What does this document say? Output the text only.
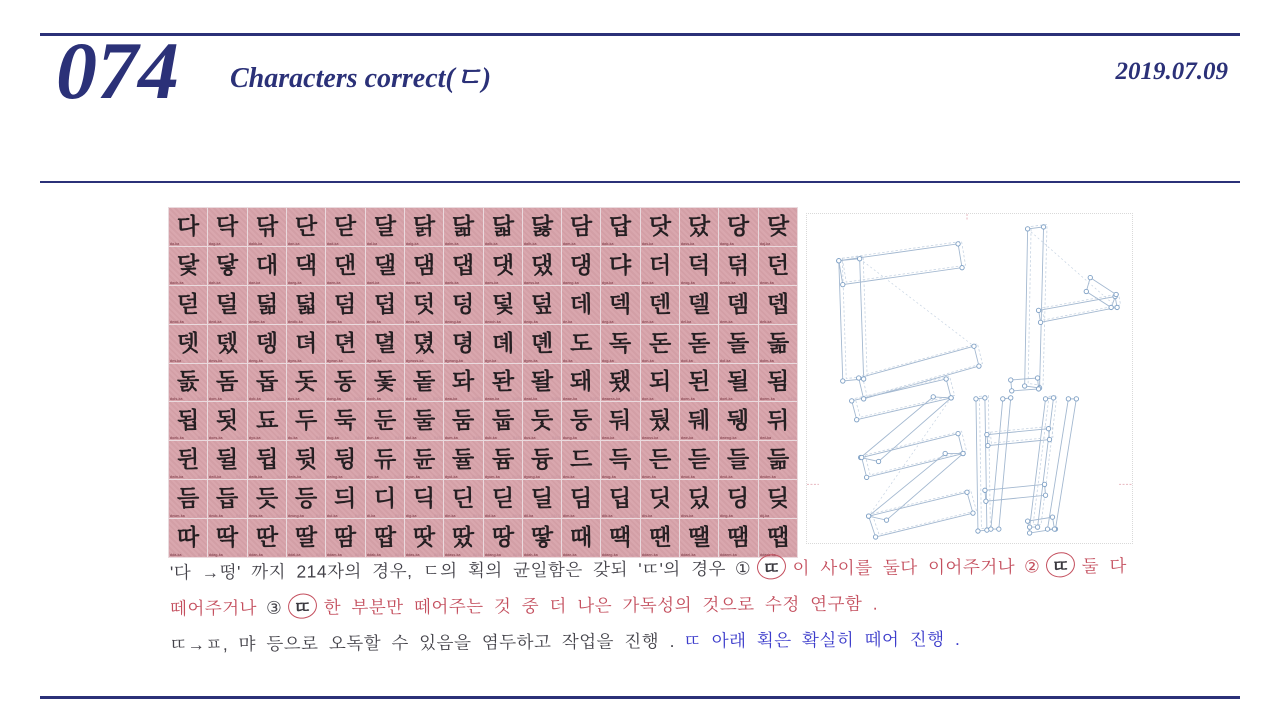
074 Characters correct(ㄷ)	2019.07.09
다
da-ka B2E4
닥
dag-ka B2E5
닦
dakk-ka B2E6
단
dan-ka B2E8
닫
dad-ka B2EB
달
dal-ka B2EC
닭
dalg-ka B2ED
닮
dalm-ka B2EE
닯
dalb-ka B2EF
닳
dalh-ka B2F3
담
dam-ka B2F4
답
dab-ka B2F5
닷
das-ka B2F7
닸
dass-ka B2F8
당
dang-ka B2F9
닺
daj-ka B2FA
닻
dach-ka B2FB
닿
dah-ka B2FF
대
dae-ka B300
댁
daeg-ka B301
댄
daen-ka B304
댈
dael-ka B308
댐
daem-ka B310
댑
daeb-ka B311
댓
daes-ka B313
댔
daess-ka B314
댕
daeng-ka B315
댜
dya-ka B31C
더
deo-ka B354
덕
deog-ka B355
덖
deokk-ka B356
던
deon-ka B358
덛
deod-ka B35B
덜
deol-ka B35C
덞
deolm-ka B35E
덟
deolb-ka B35F
덤
deom-ka B364
덥
deob-ka B365
덧
deos-ka B367
덩
deong-ka B369
덫
deoch-ka B36B
덮
deop-ka B36E
데
de-ka B370
덱
deg-ka B371
덴
den-ka B374
델
del-ka B378
뎀
dem-ka B380
뎁
deb-ka B381
뎃
des-ka B383
뎄
dess-ka B384
뎅
deng-ka B385
뎌
dyeo-ka B38C
뎐
dyeon-ka B390
뎔
dyeol-ka B394
뎠
dyeoss-ka B3A0
뎡
dyeong-ka B3A1
뎨
dye-ka B3A8
뎬
dyen-ka B3AC
도
do-ka B3C4
독
dog-ka B3C5
돈
don-ka B3C8
돋
dod-ka B3CB
돌
dol-ka B3CC
돎
dolm-ka B3CE
돐
dols-ka B3D0
돔
dom-ka B3D4
돕
dob-ka B3D5
돗
dos-ka B3D7
동
dong-ka B3D9
돛
doch-ka B3DB
돝
dot-ka B3DD
돠
dwa-ka B3E0
돤
dwan-ka B3E4
돨
dwal-ka B3E8
돼
dwae-ka B3FC
됐
dwaess-ka B410
되
doe-ka B418
된
doen-ka B41C
될
doel-ka B420
됨
doem-ka B428
됩
doeb-ka B429
됫
does-ka B42B
됴
dyo-ka B434
두
du-ka B450
둑
dug-ka B451
둔
dun-ka B454
둘
dul-ka B458
둠
dum-ka B460
둡
dub-ka B461
둣
dus-ka B463
둥
dung-ka B465
둬
dwo-ka B46C
뒀
dwoss-ka B480
뒈
dwe-ka B488
뒝
dweng-ka B49D
뒤
dwi-ka B4A4
뒨
dwin-ka B4A8
뒬
dwil-ka B4AC
뒵
dwib-ka B4B5
뒷
dwis-ka B4B7
뒹
dwing-ka B4B9
듀
dyu-ka B4C0
듄
dyun-ka B4C4
듈
dyul-ka B4C8
듐
dyum-ka B4D0
듕
dyung-ka B4D5
드
deu-ka B4DC
득
deug-ka B4DD
든
deun-ka B4E0
듣
deud-ka B4E3
들
deul-ka B4E4
듦
deulm-ka B4E6
듬
deum-ka B4EC
듭
deub-ka B4ED
듯
deus-ka B4EF
등
deung-ka B4F1
듸
dui-ka B4F8
디
di-ka B514
딕
dig-ka B515
딘
din-ka B518
딛
did-ka B51B
딜
dil-ka B51C
딤
dim-ka B524
딥
dib-ka B525
딧
dis-ka B527
딨
diss-ka B528
딩
ding-ka B529
딪
dij-ka B52A
따
dda-ka B530
딱
ddag-ka B531
딴
ddan-ka B534
딸
ddal-ka B538
땀
ddam-ka B540
땁
ddab-ka B541
땃
ddas-ka B543
땄
ddass-ka B544
땅
ddang-ka B545
땋
ddah-ka B54B
때
ddae-ka B54C
땍
ddaeg-ka B54D
땐
ddaen-ka B550
땔
ddael-ka B554
땜
ddaem-ka B55C
땝
ddaeb-ka B55D
'다 →떵' 까지 214자의 경우, ㄷ의 획의 균일함은 갖되 'ㄸ'의 경우 ① ㄸ 이 사이를 둘다 이어주거나 ② ㄸ 둘 다
떼어주거나 ③ ㄸ 한 부분만 떼어주는 것 중 더 나은 가독성의 것으로 수정 연구함 .
ㄸ→ㅍ, 먀 등으로 오독할 수 있음을 염두하고 작업을 진행 . ㄸ 아래 획은 확실히 떼어 진행 .
